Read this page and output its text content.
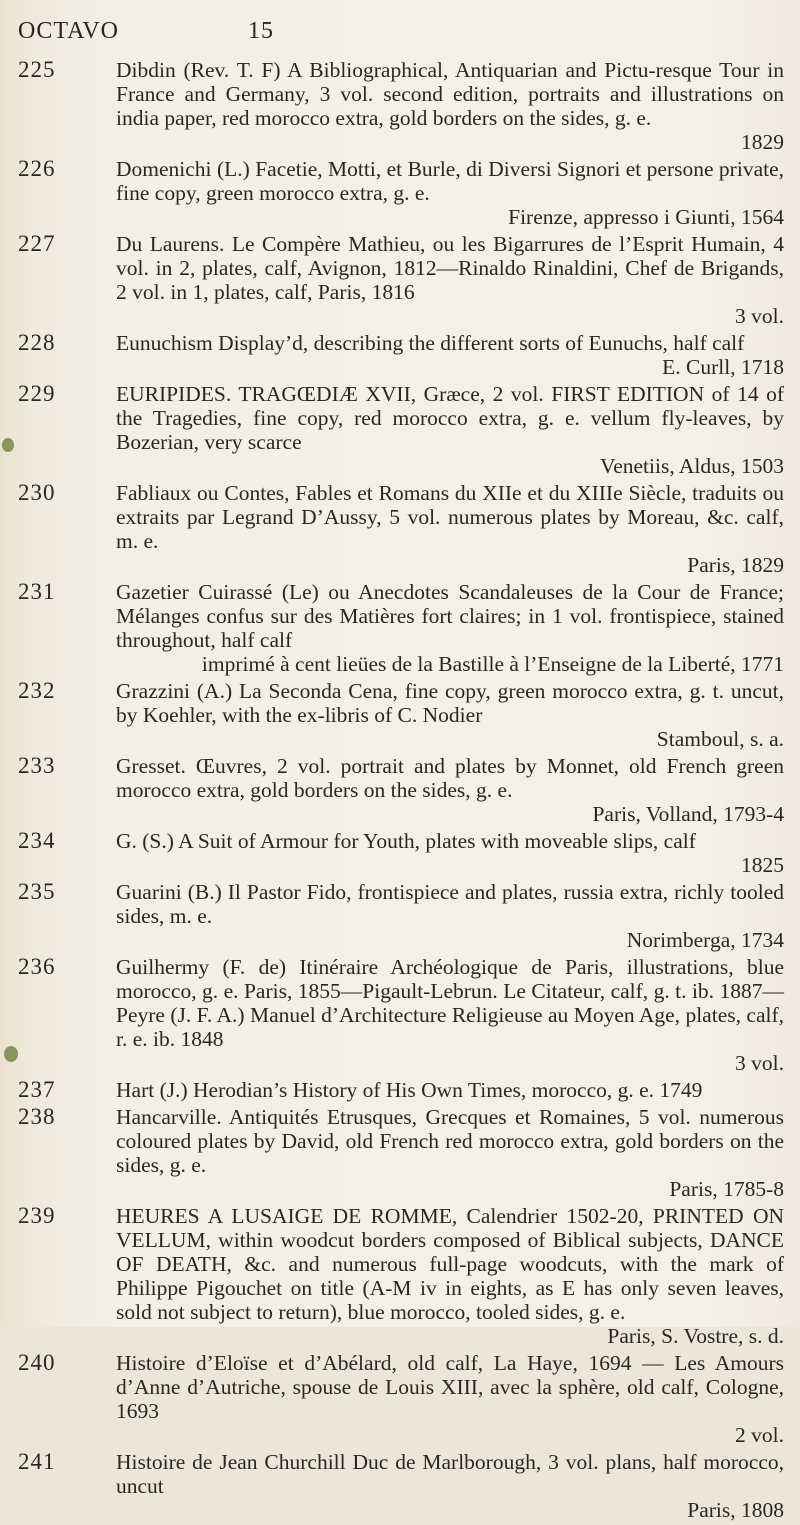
OCTAVO	15
225	Dibdin (Rev. T. F) A Bibliographical, Antiquarian and Pictu-resque Tour in France and Germany, 3 vol. second edition, portraits and illustrations on india paper, red morocco extra, gold borders on the sides, g. e.
1829
226	Domenichi (L.) Facetie, Motti, et Burle, di Diversi Signori et persone private, fine copy, green morocco extra, g. e.
Firenze, appresso i Giunti, 1564
227	Du Laurens. Le Compère Mathieu, ou les Bigarrures de l’Esprit Humain, 4 vol. in 2, plates, calf, Avignon, 1812—Rinaldo Rinaldini, Chef de Brigands, 2 vol. in 1, plates, calf, Paris, 1816
3 vol.
228	Eunuchism Display’d, describing the different sorts of Eunuchs, half calf
E. Curll, 1718
229	EURIPIDES. TRAGŒDIÆ XVII, Græce, 2 vol. FIRST EDITION of 14 of the Tragedies, fine copy, red morocco extra, g. e. vellum fly-leaves, by Bozerian, very scarce
Venetiis, Aldus, 1503
230	Fabliaux ou Contes, Fables et Romans du XIIe et du XIIIe Siècle, traduits ou extraits par Legrand D’Aussy, 5 vol. numerous plates by Moreau, &c. calf, m. e.
Paris, 1829
231	Gazetier Cuirassé (Le) ou Anecdotes Scandaleuses de la Cour de France; Mélanges confus sur des Matières fort claires; in 1 vol. frontispiece, stained throughout, half calf
imprimé à cent lieües de la Bastille à l’Enseigne de la Liberté, 1771
232	Grazzini (A.) La Seconda Cena, fine copy, green morocco extra, g. t. uncut, by Koehler, with the ex-libris of C. Nodier
Stamboul, s. a.
233	Gresset. Œuvres, 2 vol. portrait and plates by Monnet, old French green morocco extra, gold borders on the sides, g. e.
Paris, Volland, 1793-4
234	G. (S.) A Suit of Armour for Youth, plates with moveable slips, calf
1825
235	Guarini (B.) Il Pastor Fido, frontispiece and plates, russia extra, richly tooled sides, m. e.
Norimberga, 1734
236	Guilhermy (F. de) Itinéraire Archéologique de Paris, illustrations, blue morocco, g. e. Paris, 1855—Pigault-Lebrun. Le Citateur, calf, g. t. ib. 1887—Peyre (J. F. A.) Manuel d’Architecture Religieuse au Moyen Age, plates, calf, r. e. ib. 1848
3 vol.
237	Hart (J.) Herodian’s History of His Own Times, morocco, g. e. 1749
238	Hancarville. Antiquités Etrusques, Grecques et Romaines, 5 vol. numerous coloured plates by David, old French red morocco extra, gold borders on the sides, g. e.
Paris, 1785-8
239	HEURES A LUSAIGE DE ROMME, Calendrier 1502-20, PRINTED ON VELLUM, within woodcut borders composed of Biblical subjects, DANCE OF DEATH, &c. and numerous full-page woodcuts, with the mark of Philippe Pigouchet on title (A-M iv in eights, as E has only seven leaves, sold not subject to return), blue morocco, tooled sides, g. e.
Paris, S. Vostre, s. d.
240	Histoire d’Eloïse et d’Abélard, old calf, La Haye, 1694 — Les Amours d’Anne d’Autriche, spouse de Louis XIII, avec la sphère, old calf, Cologne, 1693
2 vol.
241	Histoire de Jean Churchill Duc de Marlborough, 3 vol. plans, half morocco, uncut
Paris, 1808
